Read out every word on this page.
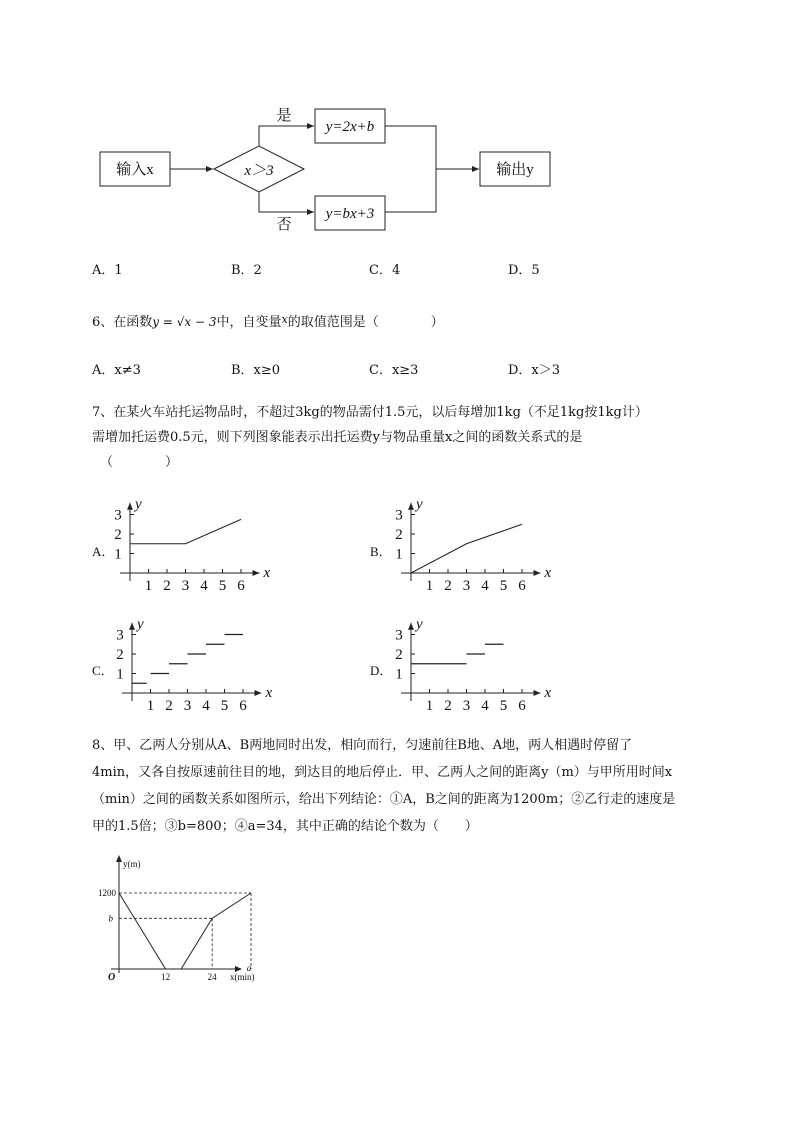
输入x	x＞3
是
否
y=2x+b
y=bx+3
输出y
A．1	B．2	C．4	D．5
6、在函数y = √x − 3中，自变量$^x$的取值范围是（　　　　）
A．x≠3	B．x≥0	C．x≥3	D．x＞3
7、在某火车站托运物品时，不超过3kg的物品需付1.5元，以后每增加1kg（不足1kg按1kg计）
需增加托运费0.5元，则下列图象能表示出托运费y与物品重量x之间的函数关系式的是
（　　　　）
A．
x
y
1 2 3 4 5 6
1
2
3
B．
x
y
1 2 3 4 5 6
1
2
3
C．
x
y
1 2 3 4 5 6
1
2
3
D．
x
y
1 2 3 4 5 6
1
2
3
8、甲、乙两人分别从A、B两地同时出发，相向而行，匀速前往B地、A地，两人相遇时停留了
4min，又各自按原速前往目的地，到达目的地后停止．甲、乙两人之间的距离y（m）与甲所用时间x
（min）之间的函数关系如图所示，给出下列结论：①A，B之间的距离为1200m；②乙行走的速度是
甲的1.5倍；③b=800；④a=34，其中正确的结论个数为（　　）
y(m)
x(min)
O
1200
b
12	24
a
